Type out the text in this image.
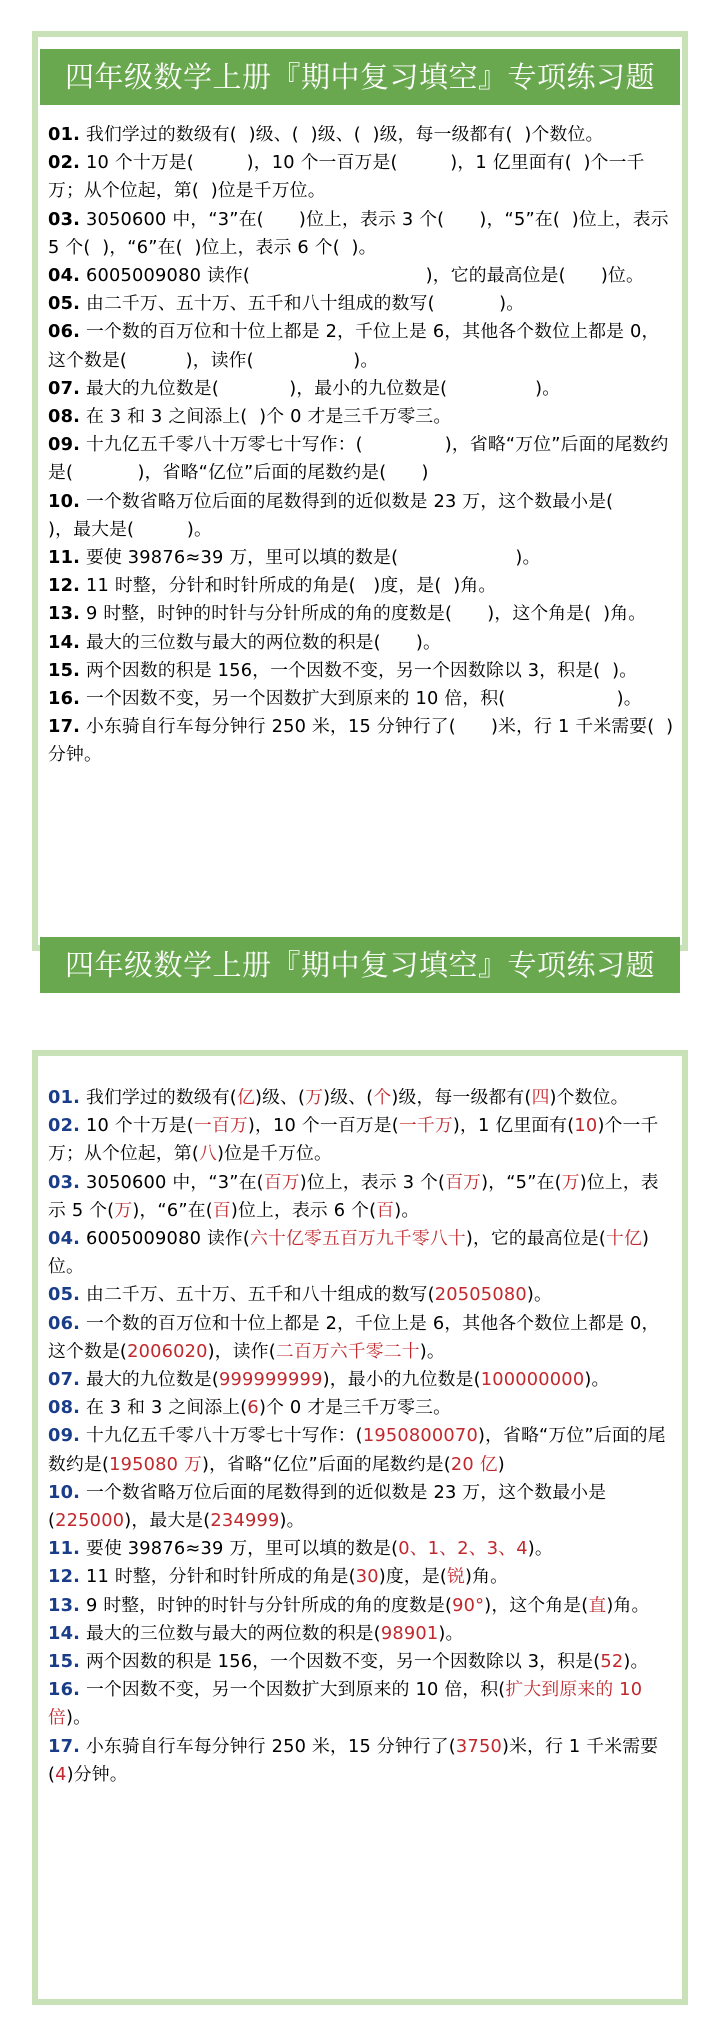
四年级数学上册『期中复习填空』专项练习题
01. 我们学过的数级有(  )级、(  )级、(  )级，每一级都有(  )个数位。
02. 10 个十万是(         )，10 个一百万是(         )，1 亿里面有(  )个一千万；从个位起，第(  )位是千万位。
03. 3050600 中，“3”在(      )位上，表示 3 个(      )，“5”在(  )位上，表示 5 个(  )，“6”在(  )位上，表示 6 个(  )。
04. 6005009080 读作(                              )，它的最高位是(      )位。
05. 由二千万、五十万、五千和八十组成的数写(           )。
06. 一个数的百万位和十位上都是 2，千位上是 6，其他各个数位上都是 0，这个数是(          )，读作(                 )。
07. 最大的九位数是(            )，最小的九位数是(               )。
08. 在 3 和 3 之间添上(  )个 0 才是三千万零三。
09. 十九亿五千零八十万零七十写作：(              )，省略“万位”后面的尾数约是(           )，省略“亿位”后面的尾数约是(      )
10. 一个数省略万位后面的尾数得到的近似数是 23 万，这个数最小是(         )，最大是(         )。
11. 要使 39876≈39 万，里可以填的数是(                    )。
12. 11 时整，分针和时针所成的角是(   )度，是(  )角。
13. 9 时整，时钟的时针与分针所成的角的度数是(      )，这个角是(  )角。
14. 最大的三位数与最大的两位数的积是(      )。
15. 两个因数的积是 156，一个因数不变，另一个因数除以 3，积是(  )。
16. 一个因数不变，另一个因数扩大到原来的 10 倍，积(                   )。
17. 小东骑自行车每分钟行 250 米，15 分钟行了(      )米，行 1 千米需要(  )分钟。
四年级数学上册『期中复习填空』专项练习题
01. 我们学过的数级有(亿)级、(万)级、(个)级，每一级都有(四)个数位。
02. 10 个十万是(一百万)，10 个一百万是(一千万)，1 亿里面有(10)个一千万；从个位起，第(八)位是千万位。
03. 3050600 中，“3”在(百万)位上，表示 3 个(百万)，“5”在(万)位上，表示 5 个(万)，“6”在(百)位上，表示 6 个(百)。
04. 6005009080 读作(六十亿零五百万九千零八十)，它的最高位是(十亿)位。
05. 由二千万、五十万、五千和八十组成的数写(20505080)。
06. 一个数的百万位和十位上都是 2，千位上是 6，其他各个数位上都是 0，这个数是(2006020)，读作(二百万六千零二十)。
07. 最大的九位数是(999999999)，最小的九位数是(100000000)。
08. 在 3 和 3 之间添上(6)个 0 才是三千万零三。
09. 十九亿五千零八十万零七十写作：(1950800070)，省略“万位”后面的尾数约是(195080 万)，省略“亿位”后面的尾数约是(20 亿)
10. 一个数省略万位后面的尾数得到的近似数是 23 万，这个数最小是(225000)，最大是(234999)。
11. 要使 39876≈39 万，里可以填的数是(0、1、2、3、4)。
12. 11 时整，分针和时针所成的角是(30)度，是(锐)角。
13. 9 时整，时钟的时针与分针所成的角的度数是(90°)，这个角是(直)角。
14. 最大的三位数与最大的两位数的积是(98901)。
15. 两个因数的积是 156，一个因数不变，另一个因数除以 3，积是(52)。
16. 一个因数不变，另一个因数扩大到原来的 10 倍，积(扩大到原来的 10 倍)。
17. 小东骑自行车每分钟行 250 米，15 分钟行了(3750)米，行 1 千米需要(4)分钟。
